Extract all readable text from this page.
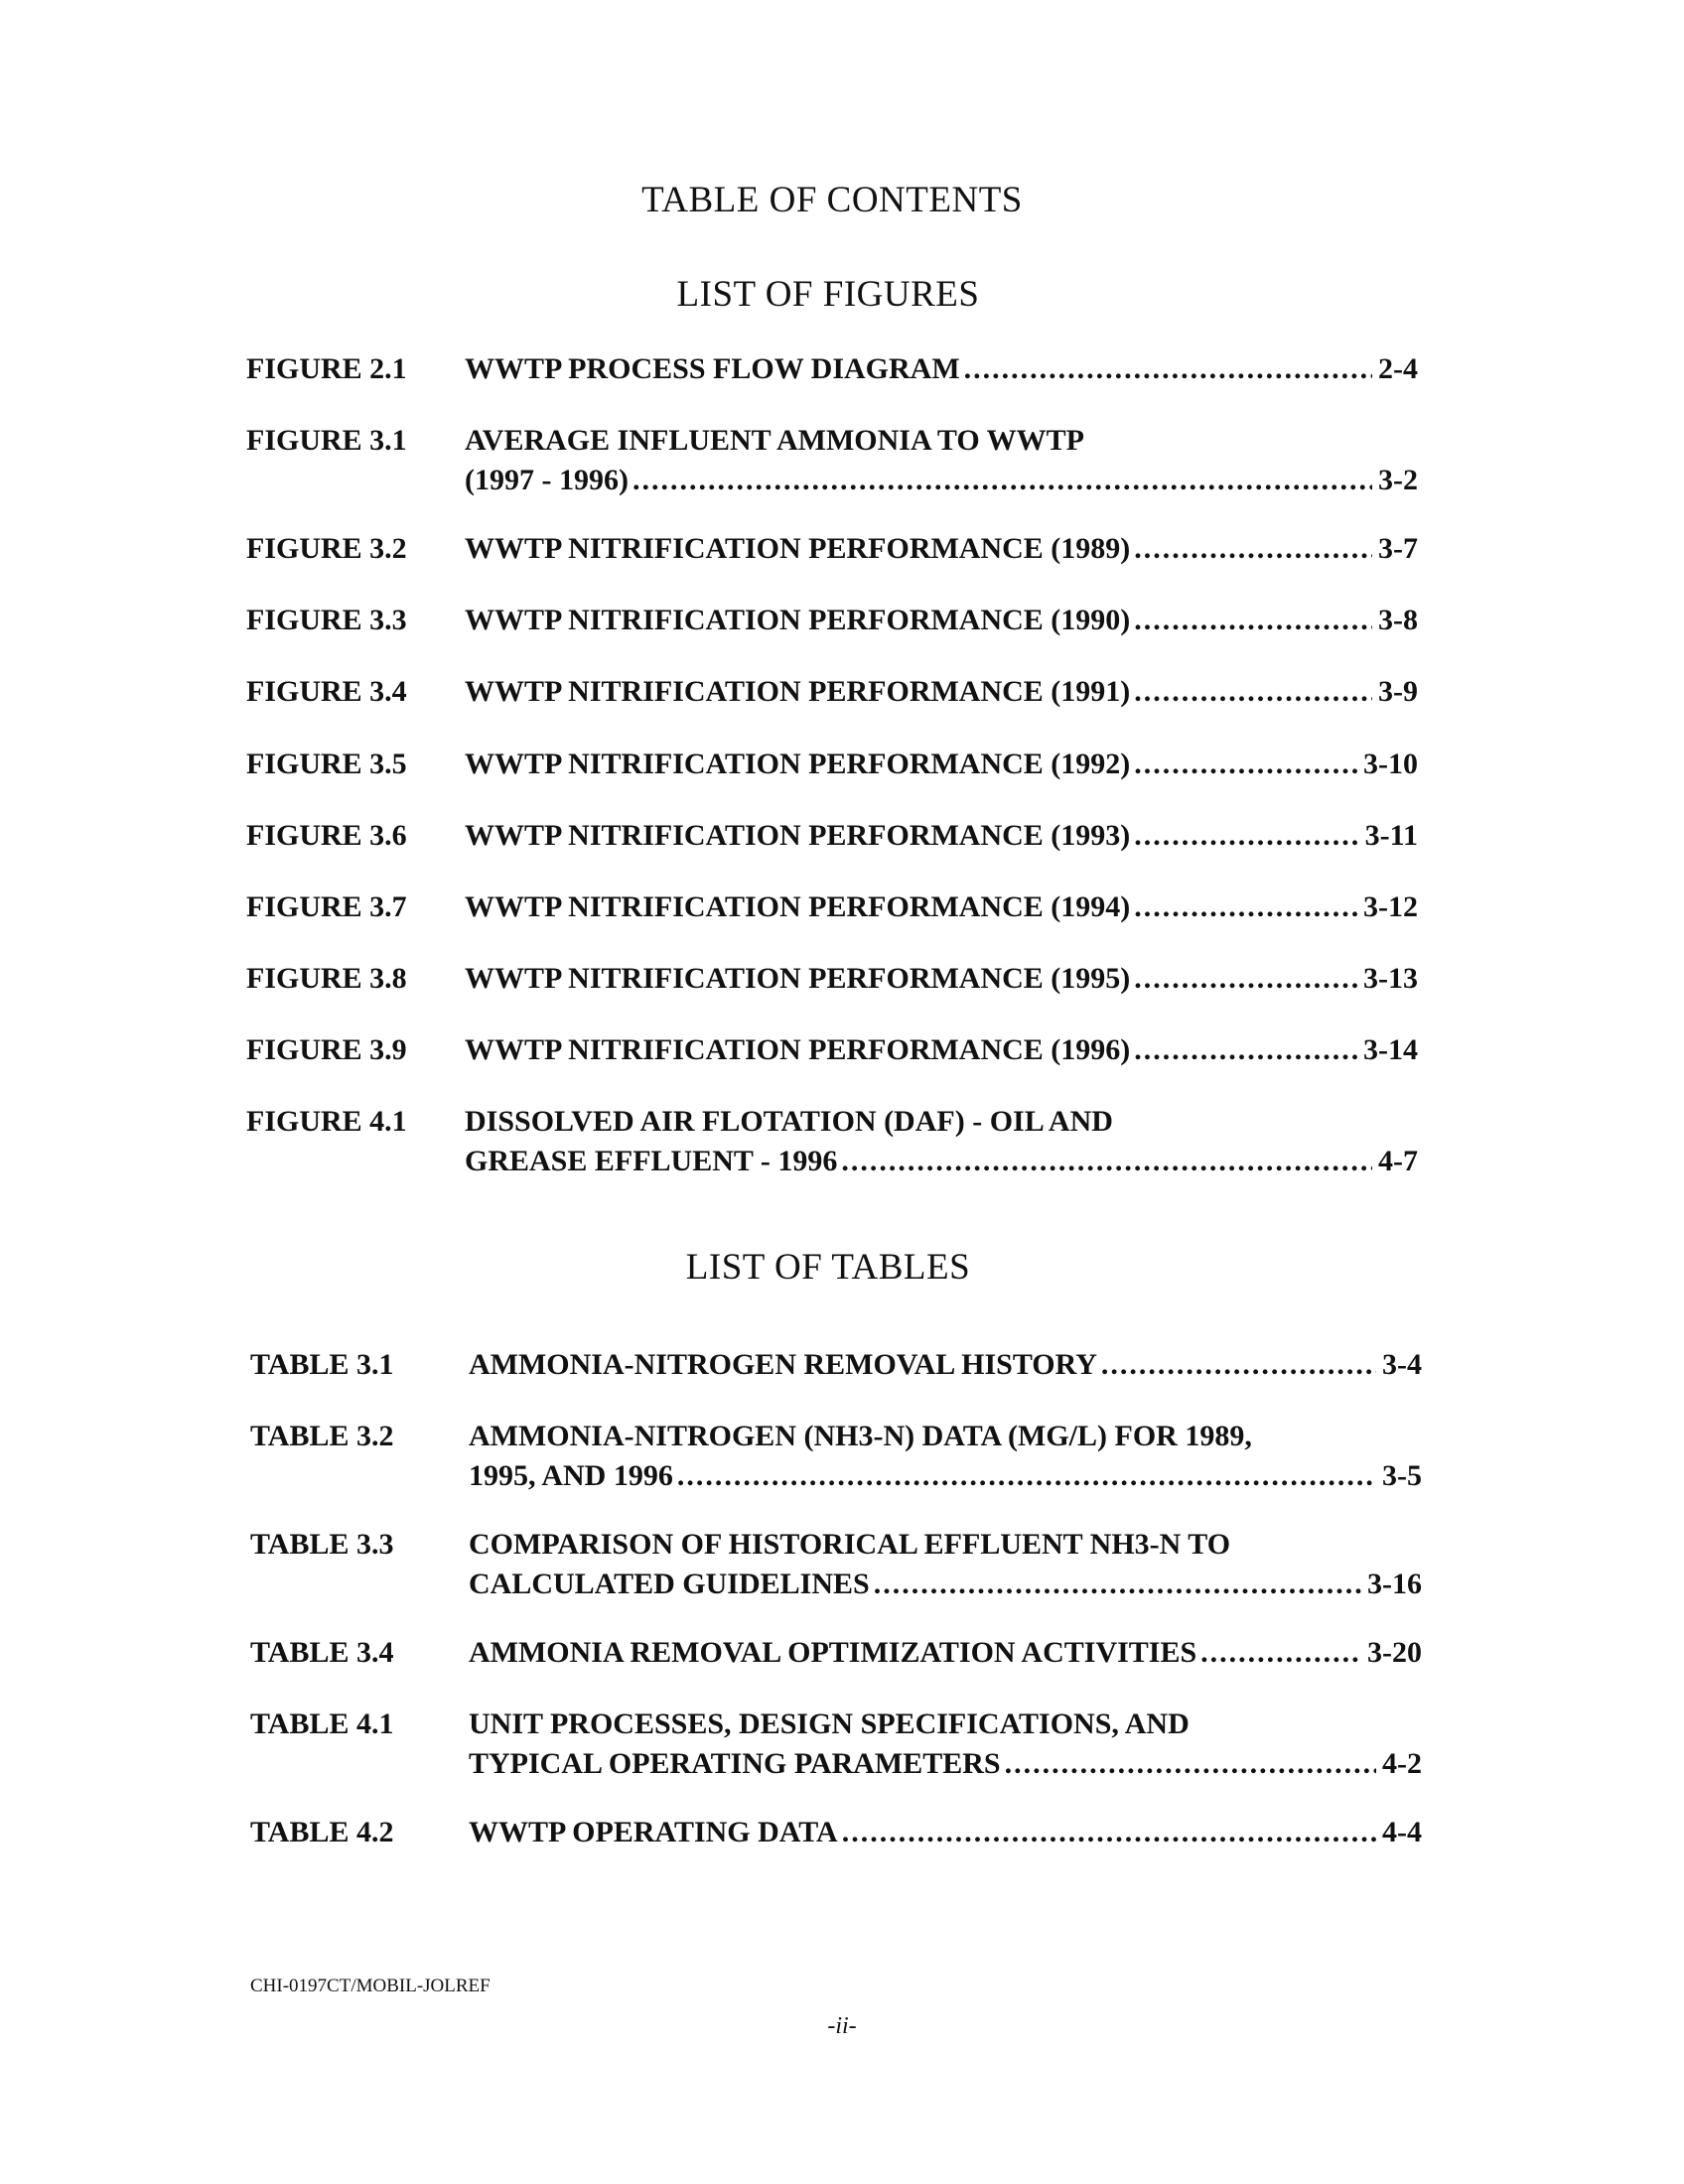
TABLE OF CONTENTS
LIST OF FIGURES
FIGURE 2.1 WWTP PROCESS FLOW DIAGRAM .....	2-4
FIGURE 3.1 AVERAGE INFLUENT AMMONIA TO WWTP
(1997 - 1996) .....	3-2
FIGURE 3.2 WWTP NITRIFICATION PERFORMANCE (1989) .....	3-7
FIGURE 3.3 WWTP NITRIFICATION PERFORMANCE (1990) .....	3-8
FIGURE 3.4 WWTP NITRIFICATION PERFORMANCE (1991) .....	3-9
FIGURE 3.5 WWTP NITRIFICATION PERFORMANCE (1992) .....	3-10
FIGURE 3.6 WWTP NITRIFICATION PERFORMANCE (1993) .....	3-11
FIGURE 3.7 WWTP NITRIFICATION PERFORMANCE (1994) .....	3-12
FIGURE 3.8 WWTP NITRIFICATION PERFORMANCE (1995) .....	3-13
FIGURE 3.9 WWTP NITRIFICATION PERFORMANCE (1996) .....	3-14
FIGURE 4.1 DISSOLVED AIR FLOTATION (DAF) - OIL AND
GREASE EFFLUENT - 1996 .....	4-7
LIST OF TABLES
TABLE 3.1	AMMONIA-NITROGEN REMOVAL HISTORY .....	3-4
TABLE 3.2	AMMONIA-NITROGEN (NH3-N) DATA (MG/L) FOR 1989,
1995, AND 1996 .....	3-5
TABLE 3.3	COMPARISON OF HISTORICAL EFFLUENT NH3-N TO
CALCULATED GUIDELINES .....	3-16
TABLE 3.4	AMMONIA REMOVAL OPTIMIZATION ACTIVITIES .....	3-20
TABLE 4.1	UNIT PROCESSES, DESIGN SPECIFICATIONS, AND
TYPICAL OPERATING PARAMETERS .....	4-2
TABLE 4.2	WWTP OPERATING DATA .....	4-4
CHI-0197CT/MOBIL-JOLREF
-ii-
